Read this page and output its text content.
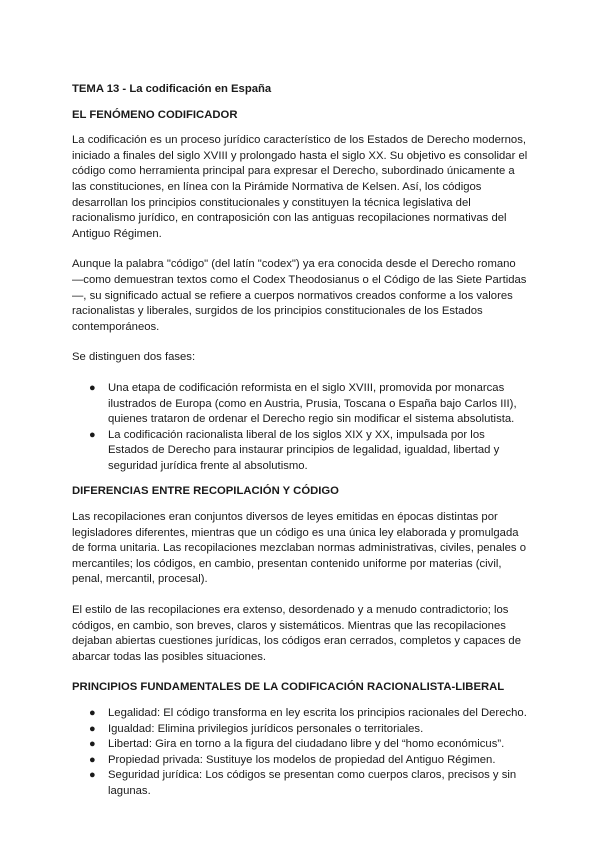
TEMA 13 - La codificación en España
EL FENÓMENO CODIFICADOR

La codificación es un proceso jurídico característico de los Estados de Derecho modernos, iniciado a finales del siglo XVIII y prolongado hasta el siglo XX. Su objetivo es consolidar el código como herramienta principal para expresar el Derecho, subordinado únicamente a las constituciones, en línea con la Pirámide Normativa de Kelsen. Así, los códigos desarrollan los principios constitucionales y constituyen la técnica legislativa del racionalismo jurídico, en contraposición con las antiguas recopilaciones normativas del Antiguo Régimen.

Aunque la palabra "código" (del latín "codex") ya era conocida desde el Derecho romano —como demuestran textos como el Codex Theodosianus o el Código de las Siete Partidas—, su significado actual se refiere a cuerpos normativos creados conforme a los valores racionalistas y liberales, surgidos de los principios constitucionales de los Estados contemporáneos.

Se distinguen dos fases:

● Una etapa de codificación reformista en el siglo XVIII, promovida por monarcas ilustrados de Europa (como en Austria, Prusia, Toscana o España bajo Carlos III), quienes trataron de ordenar el Derecho regio sin modificar el sistema absolutista.
● La codificación racionalista liberal de los siglos XIX y XX, impulsada por los Estados de Derecho para instaurar principios de legalidad, igualdad, libertad y seguridad jurídica frente al absolutismo.
DIFERENCIAS ENTRE RECOPILACIÓN Y CÓDIGO

Las recopilaciones eran conjuntos diversos de leyes emitidas en épocas distintas por legisladores diferentes, mientras que un código es una única ley elaborada y promulgada de forma unitaria. Las recopilaciones mezclaban normas administrativas, civiles, penales o mercantiles; los códigos, en cambio, presentan contenido uniforme por materias (civil, penal, mercantil, procesal).

El estilo de las recopilaciones era extenso, desordenado y a menudo contradictorio; los códigos, en cambio, son breves, claros y sistemáticos. Mientras que las recopilaciones dejaban abiertas cuestiones jurídicas, los códigos eran cerrados, completos y capaces de abarcar todas las posibles situaciones.

PRINCIPIOS FUNDAMENTALES DE LA CODIFICACIÓN RACIONALISTA-LIBERAL
● Legalidad: El código transforma en ley escrita los principios racionales del Derecho.
● Igualdad: Elimina privilegios jurídicos personales o territoriales.
● Libertad: Gira en torno a la figura del ciudadano libre y del “homo económicus”.
● Propiedad privada: Sustituye los modelos de propiedad del Antiguo Régimen.
● Seguridad jurídica: Los códigos se presentan como cuerpos claros, precisos y sin lagunas.
